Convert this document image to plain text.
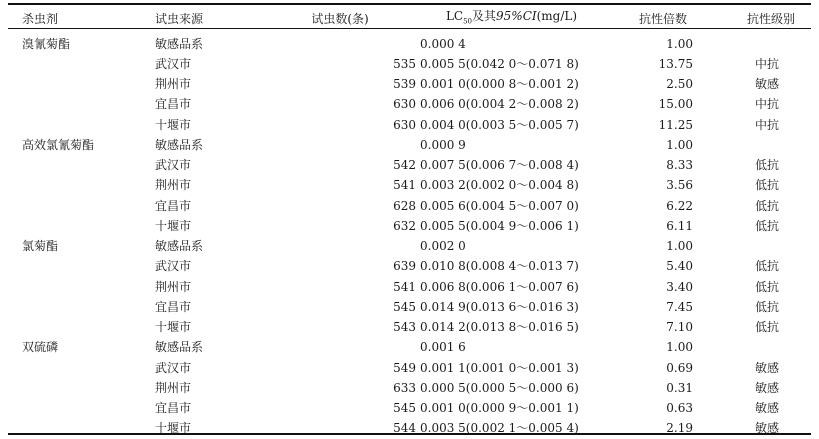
杀虫剂	试虫来源	试虫数(条)	$LC_{50}$及其95%CI(mg/L)	抗性倍数	抗性级别
溴氰菊酯	敏感品系		0.000 4	1.00	
	武汉市	535	0.005 5(0.042 0～0.071 8)	13.75	中抗
	荆州市	539	0.001 0(0.000 8～0.001 2)	2.50	敏感
	宜昌市	630	0.006 0(0.004 2～0.008 2)	15.00	中抗
	十堰市	630	0.004 0(0.003 5～0.005 7)	11.25	中抗
高效氯氰菊酯	敏感品系		0.000 9	1.00	
	武汉市	542	0.007 5(0.006 7～0.008 4)	8.33	低抗
	荆州市	541	0.003 2(0.002 0～0.004 8)	3.56	低抗
	宜昌市	628	0.005 6(0.004 5～0.007 0)	6.22	低抗
	十堰市	632	0.005 5(0.004 9～0.006 1)	6.11	低抗
氯菊酯	敏感品系		0.002 0	1.00	
	武汉市	639	0.010 8(0.008 4～0.013 7)	5.40	低抗
	荆州市	541	0.006 8(0.006 1～0.007 6)	3.40	低抗
	宜昌市	545	0.014 9(0.013 6～0.016 3)	7.45	低抗
	十堰市	543	0.014 2(0.013 8～0.016 5)	7.10	低抗
双硫磷	敏感品系		0.001 6	1.00	
	武汉市	549	0.001 1(0.001 0～0.001 3)	0.69	敏感
	荆州市	633	0.000 5(0.000 5～0.000 6)	0.31	敏感
	宜昌市	545	0.001 0(0.000 9～0.001 1)	0.63	敏感
	十堰市	544	0.003 5(0.002 1～0.005 4)	2.19	敏感
